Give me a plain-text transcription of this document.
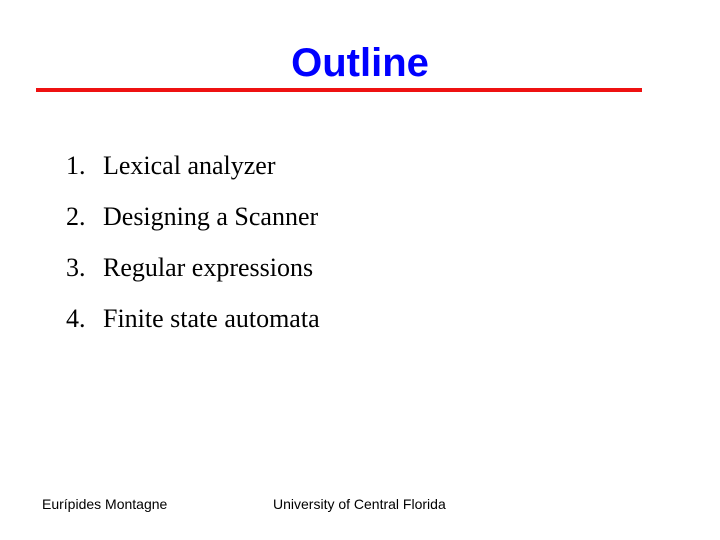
Outline
1. Lexical analyzer
2. Designing a Scanner
3. Regular expressions
4. Finite state automata
Eurípides Montagne	University of Central Florida
